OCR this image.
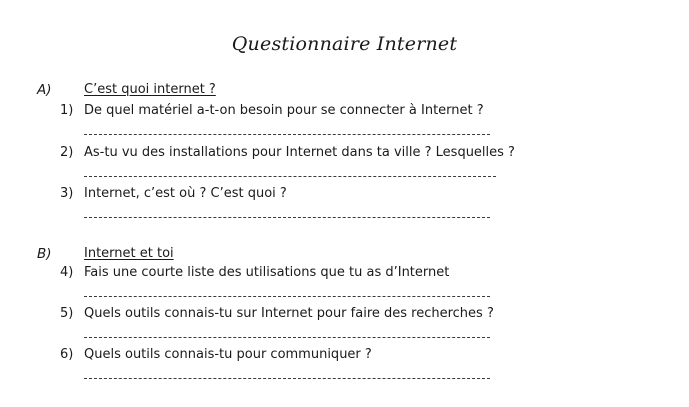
Questionnaire Internet
A) C’est quoi internet ?
1) De quel matériel a-t-on besoin pour se connecter à Internet ?
2) As-tu vu des installations pour Internet dans ta ville ? Lesquelles ?
3) Internet, c’est où ? C’est quoi ?
B) Internet et toi
4) Fais une courte liste des utilisations que tu as d’Internet
5) Quels outils connais-tu sur Internet pour faire des recherches ?
6) Quels outils connais-tu pour communiquer ?
